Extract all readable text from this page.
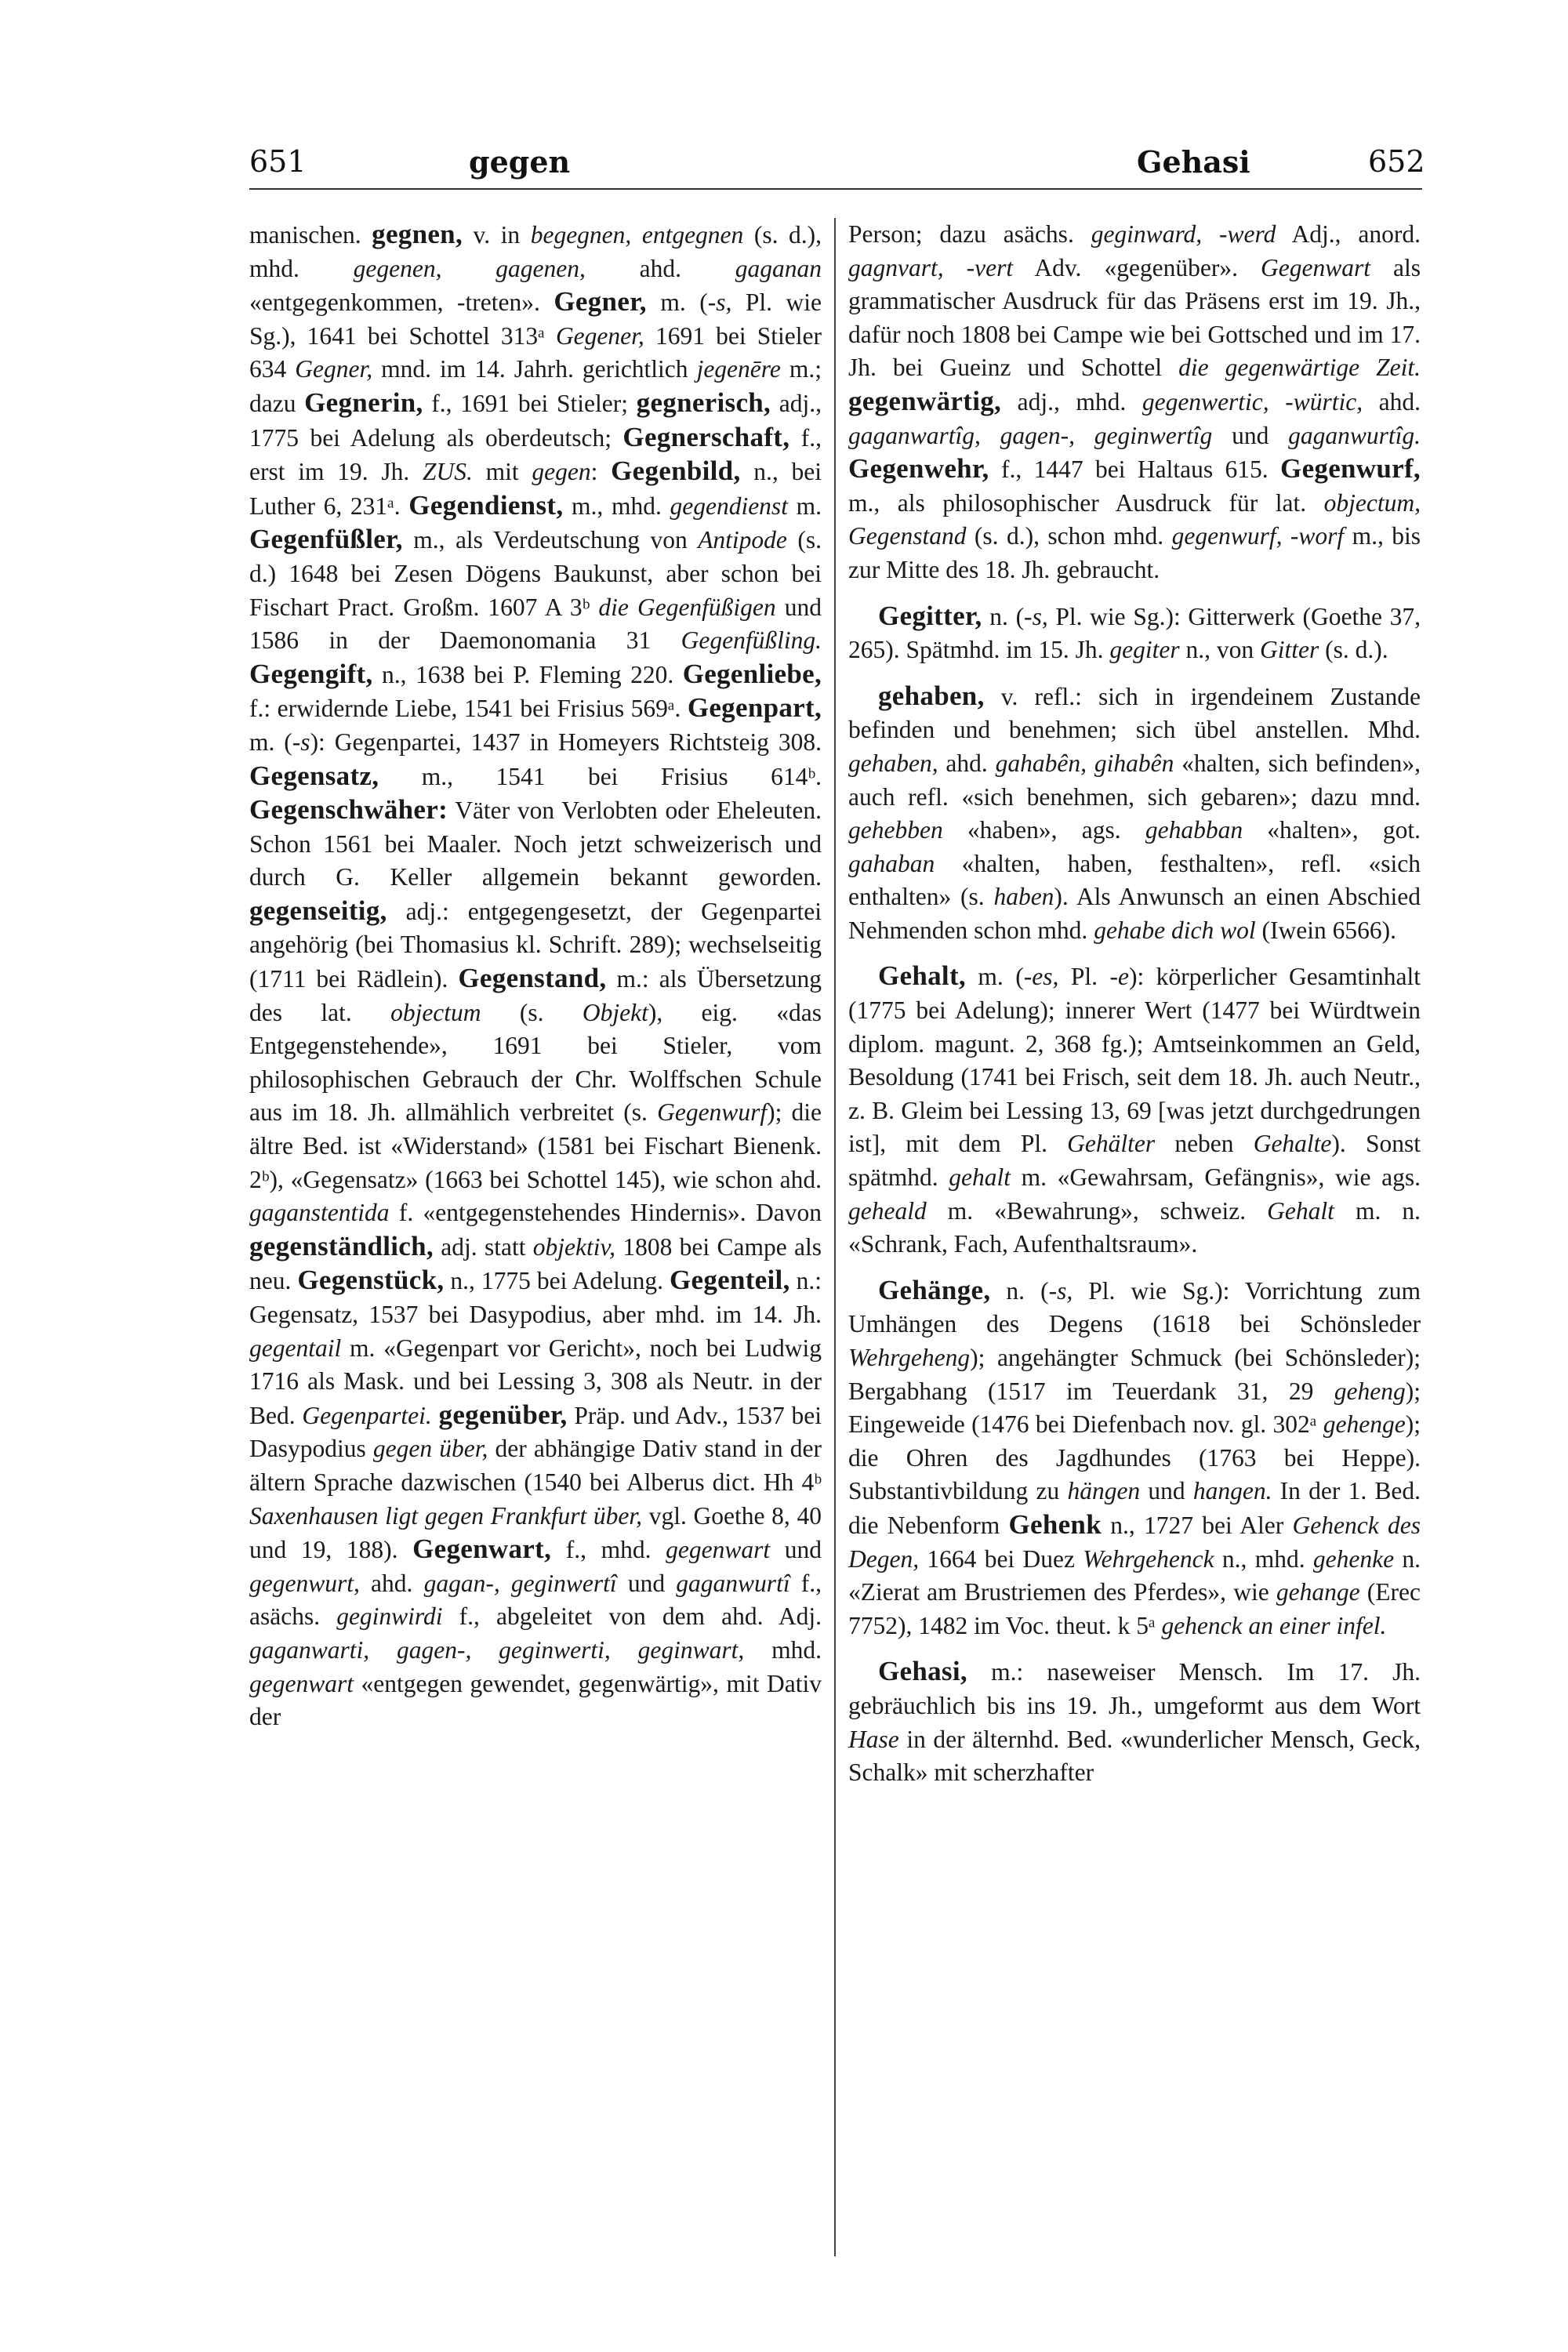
651	gegen	Gehasi	652

manischen. gegnen, v. in begegnen, entgegnen (s. d.), mhd. gegenen, gagenen, ahd. gaganan «entgegenkommen, -treten». Gegner, m. (-s, Pl. wie Sg.), 1641 bei Schottel 313ᵃ Gegener, 1691 bei Stieler 634 Gegner, mnd. im 14. Jahrh. gerichtlich jegenēre m.; dazu Gegnerin, f., 1691 bei Stieler; gegnerisch, adj., 1775 bei Adelung als oberdeutsch; Gegnerschaft, f., erst im 19. Jh. ZUS. mit gegen: Gegenbild, n., bei Luther 6, 231ᵃ. Gegendienst, m., mhd. gegendienst m. Gegenfüßler, m., als Verdeutschung von Antipode (s. d.) 1648 bei Zesen Dögens Baukunst, aber schon bei Fischart Pract. Großm. 1607 A 3ᵇ die Gegenfüßigen und 1586 in der Daemonomania 31 Gegenfüßling. Gegengift, n., 1638 bei P. Fleming 220. Gegenliebe, f.: erwidernde Liebe, 1541 bei Frisius 569ᵃ. Gegenpart, m. (-s): Gegenpartei, 1437 in Homeyers Richtsteig 308. Gegensatz, m., 1541 bei Frisius 614ᵇ. Gegenschwäher: Väter von Verlobten oder Eheleuten. Schon 1561 bei Maaler. Noch jetzt schweizerisch und durch G. Keller allgemein bekannt geworden. gegenseitig, adj.: entgegengesetzt, der Gegenpartei angehörig (bei Thomasius kl. Schrift. 289); wechselseitig (1711 bei Rädlein). Gegenstand, m.: als Übersetzung des lat. objectum (s. Objekt), eig. «das Entgegenstehende», 1691 bei Stieler, vom philosophischen Gebrauch der Chr. Wolffschen Schule aus im 18. Jh. allmählich verbreitet (s. Gegenwurf); die ältre Bed. ist «Widerstand» (1581 bei Fischart Bienenk. 2ᵇ), «Gegensatz» (1663 bei Schottel 145), wie schon ahd. gaganstentida f. «entgegenstehendes Hindernis». Davon gegenständlich, adj. statt objektiv, 1808 bei Campe als neu. Gegenstück, n., 1775 bei Adelung. Gegenteil, n.: Gegensatz, 1537 bei Dasypodius, aber mhd. im 14. Jh. gegentail m. «Gegenpart vor Gericht», noch bei Ludwig 1716 als Mask. und bei Lessing 3, 308 als Neutr. in der Bed. Gegenpartei. gegenüber, Präp. und Adv., 1537 bei Dasypodius gegen über, der abhängige Dativ stand in der ältern Sprache dazwischen (1540 bei Alberus dict. Hh 4ᵇ Saxenhausen ligt gegen Frankfurt über, vgl. Goethe 8, 40 und 19, 188). Gegenwart, f., mhd. gegenwart und gegenwurt, ahd. gagan-, geginwertî und gaganwurtî f., asächs. geginwirdi f., abgeleitet von dem ahd. Adj. gaganwarti, gagen-, geginwerti, geginwart, mhd. gegenwart «entgegen gewendet, gegenwärtig», mit Dativ der

Person; dazu asächs. geginward, -werd Adj., anord. gagnvart, -vert Adv. «gegenüber». Gegenwart als grammatischer Ausdruck für das Präsens erst im 19. Jh., dafür noch 1808 bei Campe wie bei Gottsched und im 17. Jh. bei Gueinz und Schottel die gegenwärtige Zeit. gegenwärtig, adj., mhd. gegenwertic, -würtic, ahd. gaganwartîg, gagen-, geginwertîg und gaganwurtîg. Gegenwehr, f., 1447 bei Haltaus 615. Gegenwurf, m., als philosophischer Ausdruck für lat. objectum, Gegenstand (s. d.), schon mhd. gegenwurf, -worf m., bis zur Mitte des 18. Jh. gebraucht.

Gegitter, n. (-s, Pl. wie Sg.): Gitterwerk (Goethe 37, 265). Spätmhd. im 15. Jh. gegiter n., von Gitter (s. d.).

gehaben, v. refl.: sich in irgendeinem Zustande befinden und benehmen; sich übel anstellen. Mhd. gehaben, ahd. gahabên, gihabên «halten, sich befinden», auch refl. «sich benehmen, sich gebaren»; dazu mnd. gehebben «haben», ags. gehabban «halten», got. gahaban «halten, haben, festhalten», refl. «sich enthalten» (s. haben). Als Anwunsch an einen Abschied Nehmenden schon mhd. gehabe dich wol (Iwein 6566).

Gehalt, m. (-es, Pl. -e): körperlicher Gesamtinhalt (1775 bei Adelung); innerer Wert (1477 bei Würdtwein diplom. magunt. 2, 368 fg.); Amtseinkommen an Geld, Besoldung (1741 bei Frisch, seit dem 18. Jh. auch Neutr., z. B. Gleim bei Lessing 13, 69 [was jetzt durchgedrungen ist], mit dem Pl. Gehälter neben Gehalte). Sonst spätmhd. gehalt m. «Gewahrsam, Gefängnis», wie ags. geheald m. «Bewahrung», schweiz. Gehalt m. n. «Schrank, Fach, Aufenthaltsraum».

Gehänge, n. (-s, Pl. wie Sg.): Vorrichtung zum Umhängen des Degens (1618 bei Schönsleder Wehrgeheng); angehängter Schmuck (bei Schönsleder); Bergabhang (1517 im Teuerdank 31, 29 geheng); Eingeweide (1476 bei Diefenbach nov. gl. 302ᵃ gehenge); die Ohren des Jagdhundes (1763 bei Heppe). Substantivbildung zu hängen und hangen. In der 1. Bed. die Nebenform Gehenk n., 1727 bei Aler Gehenck des Degen, 1664 bei Duez Wehrgehenck n., mhd. gehenke n. «Zierat am Brustriemen des Pferdes», wie gehange (Erec 7752), 1482 im Voc. theut. k 5ᵃ gehenck an einer infel.

Gehasi, m.: naseweiser Mensch. Im 17. Jh. gebräuchlich bis ins 19. Jh., umgeformt aus dem Wort Hase in der älternhd. Bed. «wunderlicher Mensch, Geck, Schalk» mit scherzhafter
